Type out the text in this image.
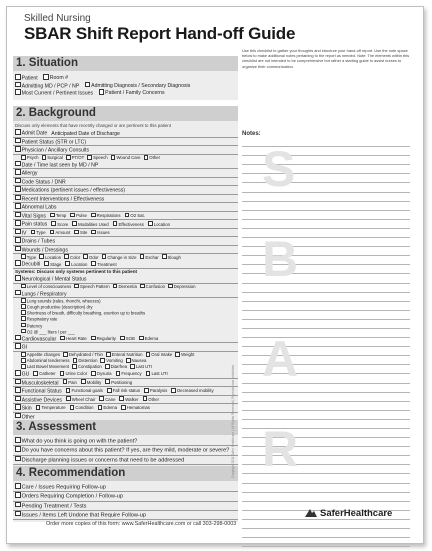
Skilled Nursing
SBAR Shift Report Hand-off Guide
1. Situation
Patient Room #
Admitting MD / PCP / NP Admitting Diagnosis / Secondary Diagnosis
Most Current / Pertinent Issues Patient / Family Concerns
2. Background
Discuss only elements that have recently changed or are pertinent to this patient
Admit Date Anticipated Date of Discharge
Patient Status (STR or LTC)
Physician / Ancillary Consults
Psych Surgical PT/OT Speech Wound Care Other
Date / Time last seen by MD / NP
Allergy
Code Status / DNR
Medications (pertinent issues / effectiveness)
Recent Interventions / Effectiveness
Abnormal Labs
Vital Signs Temp Pulse Respirations O2 Sat.
Pain status Score Modalities Used Effectiveness Location
IV Type Amount Site Issues
Drains / Tubes
Wounds / Dressings
Type Location Color Odor Change in Size Eschar Slough
Decubiti Stage Location Treatment
Systems: Discuss only systems pertinent to this patient
Neurological / Mental Status
Level of consciousness Speech Pattern Dementia Confusion Depression
Lungs / Respiratory
Lung sounds (rales, rhonchi, wheezes)
Cough productive (description) dry
Shortness of breath, difficulty breathing, exertion up to breaths
Respiratory rate
Patency
O2 @ ___ liters / per ___
Cardiovascular Heart Rate Regularity SOB Edema
GI
Appetite changes Dehydrated / Thin Enteral Nutrition Oral Intake Weight
Abdominal tenderness Distention Vomiting Nausea
Last Bowel Movement Constipation Diarrhea Last UTI
GU Catheter Urine Color Dysuria Frequency Last UTI
Musculoskeletal Pain Mobility Positioning
Functional Status Functional goals Fall risk status Paralysis Decreased mobility
Assistive Devices Wheel Chair Cane Walker Other
Skin Temperature Condition Edema Hematomas
Other
3. Assessment
What do you think is going on with the patient?
Do you have concerns about this patient? If yes, are they mild, moderate or severe?
Discharge planning issues or concerns that need to be addressed
4. Recommendation
Care / Issues Requiring Follow-up
Orders Requiring Completion / Follow-up
Pending Treatment / Tests
Issues / Items Left Undone that Require Follow-up
Use this checklist to gather your thoughts and structure your hand-off report. Use the note space below to make additional notes pertaining to the report as needed. Note: The elements within this checklist are not intended to be comprehensive but rather a starting guide to assist nurses to organize their communication.
Notes:
S
B
A
R
Copyright 2011 Safer Healthcare | All Rights Reserved | Reproduction prohibited
SaferHealthcare
Order more copies of this form: www.SaferHealthcare.com or call 303-298-0003
